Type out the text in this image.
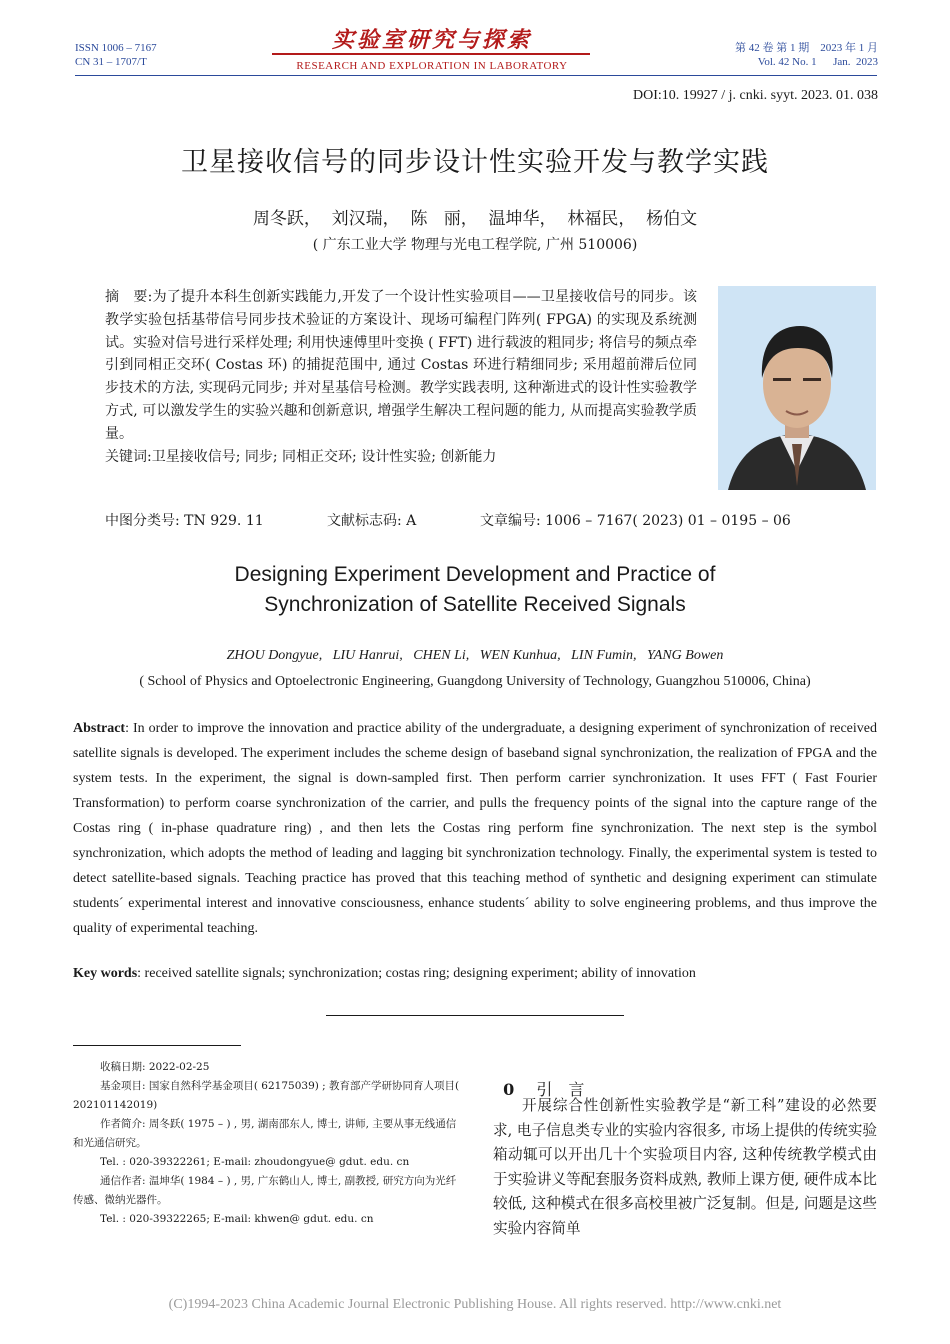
ISSN 1006 – 7167
CN 31 – 1707/T
实验室研究与探索
RESEARCH AND EXPLORATION IN LABORATORY
第 42 卷 第 1 期    2023 年 1 月
Vol. 42 No. 1      Jan.  2023
DOI:10. 19927 / j. cnki. syyt. 2023. 01. 038
卫星接收信号的同步设计性实验开发与教学实践
周冬跃，  刘汉瑞，  陈   丽，  温坤华，  林福民，  杨伯文
( 广东工业大学 物理与光电工程学院, 广州 510006)
摘　要:为了提升本科生创新实践能力,开发了一个设计性实验项目——卫星接收信号的同步。该教学实验包括基带信号同步技术验证的方案设计、现场可编程门阵列( FPGA) 的实现及系统测试。实验对信号进行采样处理; 利用快速傅里叶变换 ( FFT) 进行载波的粗同步; 将信号的频点牵引到同相正交环( Costas 环) 的捕捉范围中, 通过 Costas 环进行精细同步; 采用超前滞后位同步技术的方法, 实现码元同步; 并对星基信号检测。教学实践表明, 这种渐进式的设计性实验教学方式, 可以激发学生的实验兴趣和创新意识, 增强学生解决工程问题的能力, 从而提高实验教学质量。
关键词:卫星接收信号; 同步; 同相正交环; 设计性实验; 创新能力
中图分类号: TN 929. 11	文献标志码: A	文章编号: 1006 – 7167( 2023) 01 – 0195 – 06
Designing Experiment Development and Practice of
Synchronization of Satellite Received Signals
ZHOU Dongyue,   LIU Hanrui,   CHEN Li,   WEN Kunhua,   LIN Fumin,   YANG Bowen
( School of Physics and Optoelectronic Engineering, Guangdong University of Technology, Guangzhou 510006, China)
Abstract: In order to improve the innovation and practice ability of the undergraduate, a designing experiment of synchronization of received satellite signals is developed. The experiment includes the scheme design of baseband signal synchronization, the realization of FPGA and the system tests. In the experiment, the signal is down-sampled first. Then perform carrier synchronization. It uses FFT ( Fast Fourier Transformation) to perform coarse synchronization of the carrier, and pulls the frequency points of the signal into the capture range of the Costas ring ( in-phase quadrature ring) , and then lets the Costas ring perform fine synchronization. The next step is the symbol synchronization, which adopts the method of leading and lagging bit synchronization technology. Finally, the experimental system is tested to detect satellite-based signals. Teaching practice has proved that this teaching method of synthetic and designing experiment can stimulate students´ experimental interest and innovative consciousness, enhance students´ ability to solve engineering problems, and thus improve the quality of experimental teaching.
Key words: received satellite signals; synchronization; costas ring; designing experiment; ability of innovation

收稿日期: 2022-02-25

基金项目: 国家自然科学基金项目( 62175039) ; 教育部产学研协同育人项目( 202101142019)

作者简介: 周冬跃( 1975 – ) , 男, 湖南邵东人, 博士, 讲师, 主要从事无线通信和光通信研究。

Tel. : 020-39322261; E-mail: zhoudongyue@ gdut. edu. cn

通信作者: 温坤华( 1984 – ) , 男, 广东鹤山人, 博士, 副教授, 研究方向为光纤传感、微纳光器件。

Tel. : 020-39322265; E-mail: khwen@ gdut. edu. cn

0 引　言

开展综合性创新性实验教学是“新工科”建设的必然要求, 电子信息类专业的实验内容很多, 市场上提供的传统实验箱动辄可以开出几十个实验项目内容, 这种传统教学模式由于实验讲义等配套服务资料成熟, 教师上课方便, 硬件成本比较低, 这种模式在很多高校里被广泛复制。但是, 问题是这些实验内容简单

(C)1994-2023 China Academic Journal Electronic Publishing House. All rights reserved. http://www.cnki.net
